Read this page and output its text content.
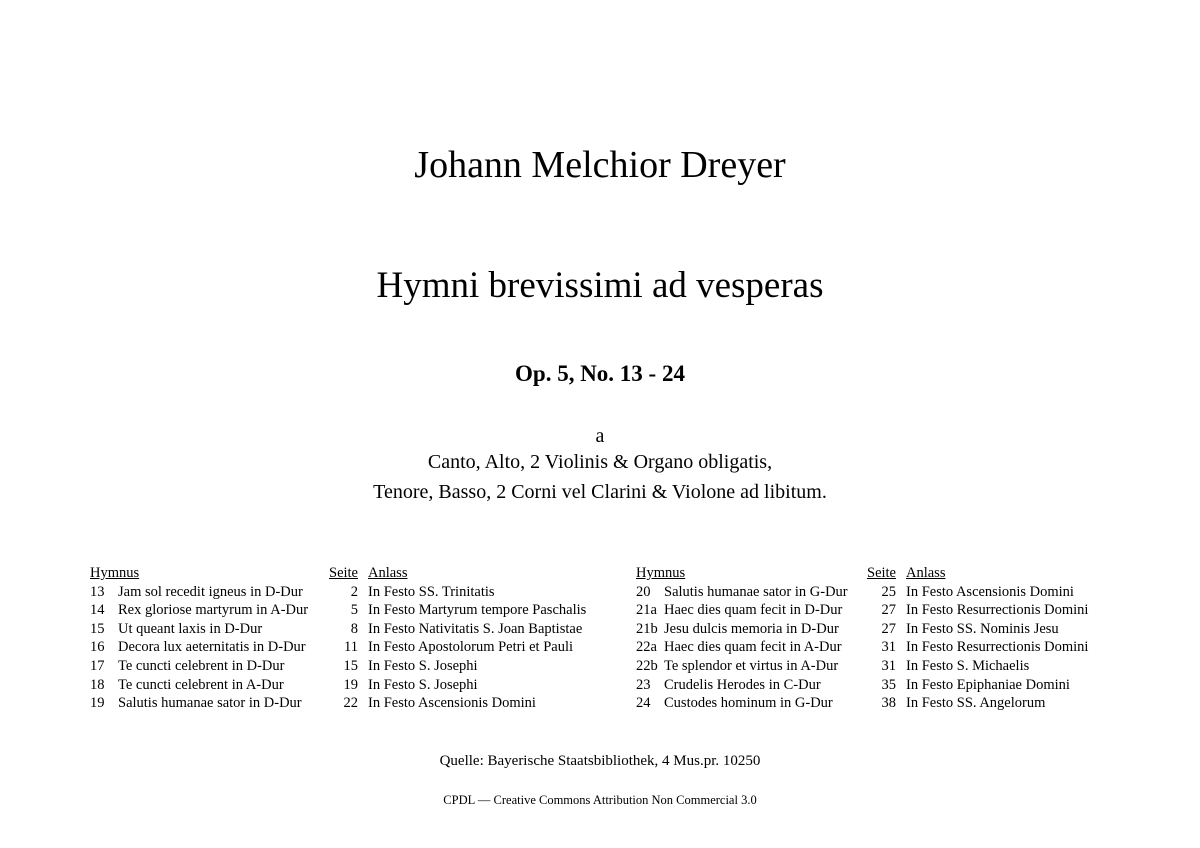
Johann Melchior Dreyer
Hymni brevissimi ad vesperas
Op. 5, No. 13 - 24
a
Canto, Alto, 2 Violinis & Organo obligatis,
Tenore, Basso, 2 Corni vel Clarini & Violone ad libitum.
Hymnus		Seite	Anlass
13	Jam sol recedit igneus in D-Dur	2	In Festo SS. Trinitatis
14	Rex gloriose martyrum in A-Dur	5	In Festo Martyrum tempore Paschalis
15	Ut queant laxis in D-Dur	8	In Festo Nativitatis S. Joan Baptistae
16	Decora lux aeternitatis in D-Dur	11	In Festo Apostolorum Petri et Pauli
17	Te cuncti celebrent in D-Dur	15	In Festo S. Josephi
18	Te cuncti celebrent in A-Dur	19	In Festo S. Josephi
19	Salutis humanae sator in D-Dur	22	In Festo Ascensionis Domini
Hymnus		Seite	Anlass
20	Salutis humanae sator in G-Dur	25	In Festo Ascensionis Domini
21a	Haec dies quam fecit in D-Dur	27	In Festo Resurrectionis Domini
21b	Jesu dulcis memoria in D-Dur	27	In Festo SS. Nominis Jesu
22a	Haec dies quam fecit in A-Dur	31	In Festo Resurrectionis Domini
22b	Te splendor et virtus in A-Dur	31	In Festo S. Michaelis
23	Crudelis Herodes in C-Dur	35	In Festo Epiphaniae Domini
24	Custodes hominum in G-Dur	38	In Festo SS. Angelorum
Quelle: Bayerische Staatsbibliothek, 4 Mus.pr. 10250
CPDL — Creative Commons Attribution Non Commercial 3.0
